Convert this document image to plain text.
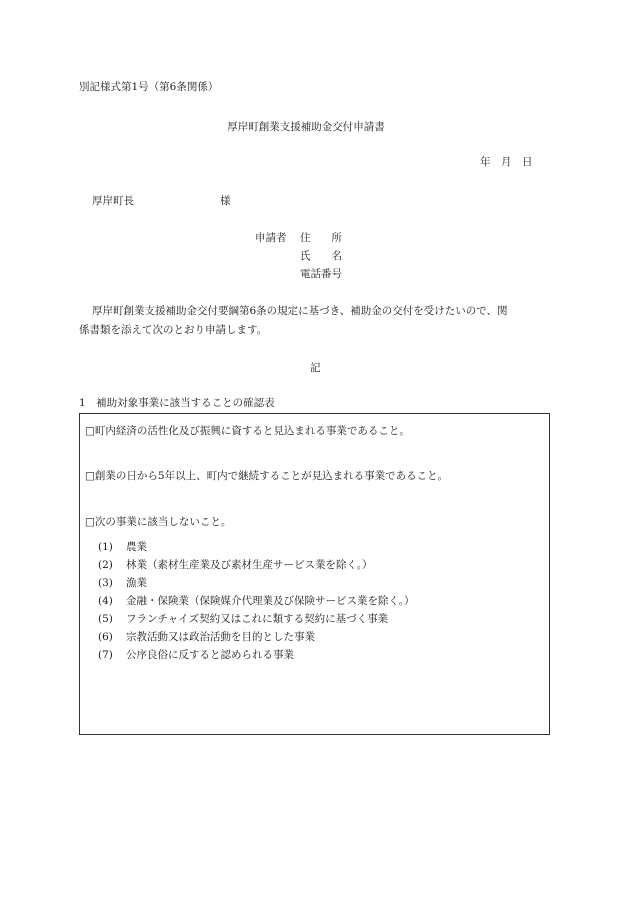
別記様式第1号（第6条関係）
厚岸町創業支援補助金交付申請書
年　月　日
厚岸町長	様
申請者 住　　所
氏　　名
電話番号
厚岸町創業支援補助金交付要綱第6条の規定に基づき、補助金の交付を受けたいので、関
係書類を添えて次のとおり申請します。
記
1　補助対象事業に該当することの確認表
□町内経済の活性化及び振興に資すると見込まれる事業であること。
□創業の日から5年以上、町内で継続することが見込まれる事業であること。
□次の事業に該当しないこと。
(1) 農業
(2) 林業（素材生産業及び素材生産サービス業を除く。）
(3) 漁業
(4) 金融・保険業（保険媒介代理業及び保険サービス業を除く。）
(5) フランチャイズ契約又はこれに類する契約に基づく事業
(6) 宗教活動又は政治活動を目的とした事業
(7) 公序良俗に反すると認められる事業
